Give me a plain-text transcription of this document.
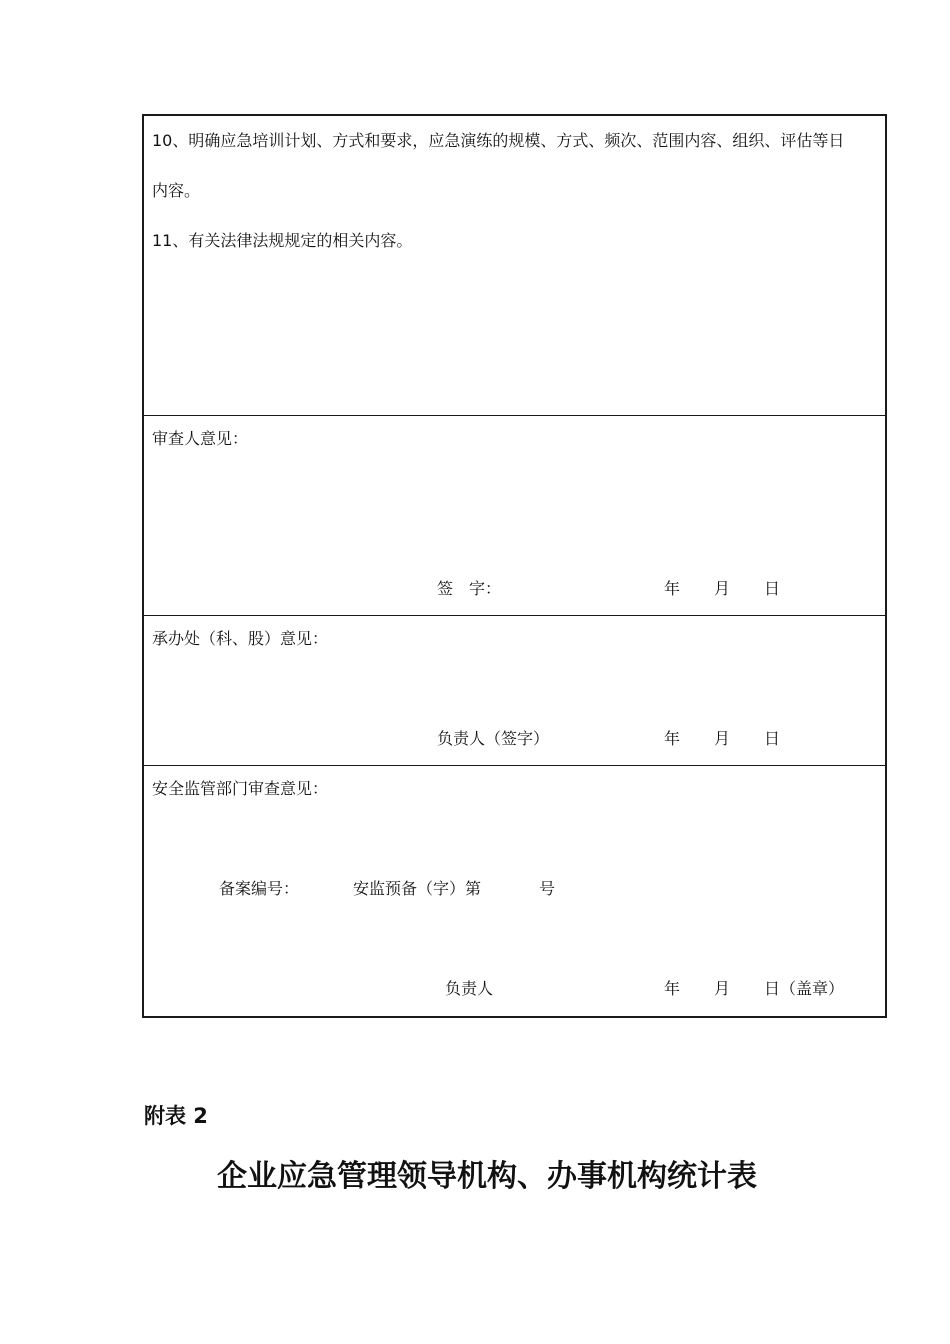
10、明确应急培训计划、方式和要求，应急演练的规模、方式、频次、范围内容、组织、评估等日
内容。
11、有关法律法规规定的相关内容。
审查人意见：
签　字：	年 月 日
承办处（科、股）意见：
负责人（签字）	年 月 日
安全监管部门审查意见：
备案编号：	安监预备（字）第	号
负责人	年 月 日（盖章）
附表 2
企业应急管理领导机构、办事机构统计表
